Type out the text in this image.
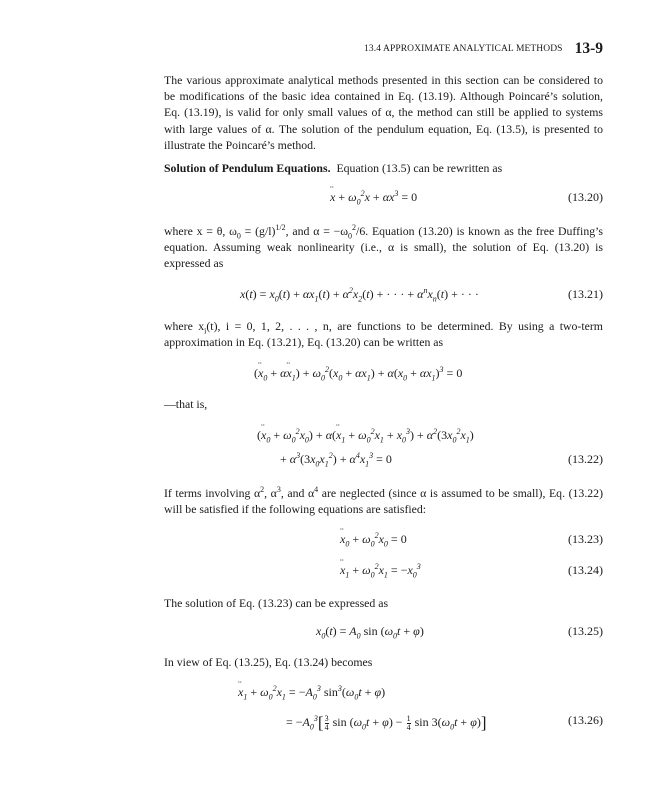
13.4 APPROXIMATE ANALYTICAL METHODS 13-9

The various approximate analytical methods presented in this section can be considered to be modifications of the basic idea contained in Eq. (13.19). Although Poincaré’s solution, Eq. (13.19), is valid for only small values of α, the method can still be applied to systems with large values of α. The solution of the pendulum equation, Eq. (13.5), is presented to illustrate the Poincaré’s method.

Solution of Pendulum Equations. Equation (13.5) can be rewritten as

x ¨ + $\omega_0^2x + \alpha x^3 = 0$	(13.20)

where x = θ, $\omega_0 = (g/l)^{1/2}$, and $\alpha = -\omega_0^2/6$. Equation (13.20) is known as the free Duffing’s equation. Assuming weak nonlinearity (i.e., α is small), the solution of Eq. (13.20) is expressed as

$x(t) = x_0(t) + \alpha x_1(t) + \alpha^2x_2(t)$ + · · · + $\alpha^nx_n(t)$ + · · ·	(13.21)

where $x_i(t)$, i = 0, 1, 2, . . . , n, are functions to be determined. By using a two-term approximation in Eq. (13.21), Eq. (13.20) can be written as

(x $¨_0 + \alpha x$ $¨_1) + \omega_0^2(x_0 + \alpha x_1) + \alpha(x_0 + \alpha x_1)^3 = 0$

—that is,

(x $¨_0 + \omega_0^2x_0) + \alpha(x$ $¨_1 + \omega_0^2x_1 + x_0^3) + \alpha^2(3x_0^2x_1)$
+ $\alpha^3(3x_0x_1^2) + \alpha^4x_1^3 = 0$	(13.22)

If terms involving $\alpha^2$, $\alpha^3$, and $\alpha^4$ are neglected (since α is assumed to be small), Eq. (13.22) will be satisfied if the following equations are satisfied:

x $¨_0 + \omega_0^2x_0 = 0$	(13.23)
x $¨_1 + \omega_0^2x_1 = -x_0^3$	(13.24)

The solution of Eq. (13.23) can be expressed as

$x_0(t) = A_0$ $\sin (\omega_0t + \varphi)$	(13.25)

In view of Eq. (13.25), Eq. (13.24) becomes

x $¨_1 + \omega_0^2x_1 = -A_0^3$ $\sin^3(\omega_0t + \varphi)$
= $-A_0^3[ \frac{3}{4}$ $\sin (\omega_0t + \varphi) - \frac{1}{4}$ $\sin 3(\omega_0t + \varphi)$]	(13.26)
